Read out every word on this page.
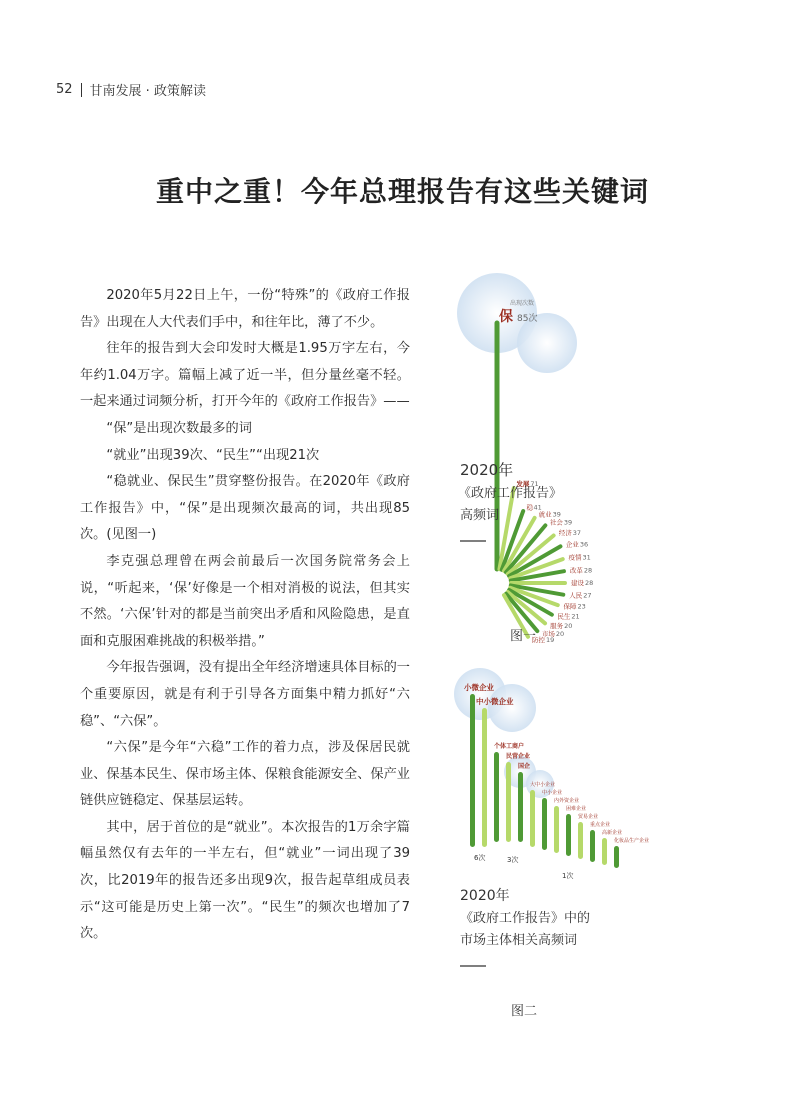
52 甘南发展 · 政策解读
重中之重！今年总理报告有这些关键词

2020年5月22日上午，一份“特殊”的《政府工作报告》出现在人大代表们手中，和往年比，薄了不少。

往年的报告到大会印发时大概是1.95万字左右，今年约1.04万字。篇幅上减了近一半，但分量丝毫不轻。一起来通过词频分析，打开今年的《政府工作报告》——

“保”是出现次数最多的词

“就业”出现39次、“民生”“出现21次

“稳就业、保民生”贯穿整份报告。在2020年《政府工作报告》中，“保”是出现频次最高的词，共出现85次。(见图一)

李克强总理曾在两会前最后一次国务院常务会上说，“听起来，‘保’好像是一个相对消极的说法，但其实不然。‘六保’针对的都是当前突出矛盾和风险隐患，是直面和克服困难挑战的积极举措。”

今年报告强调，没有提出全年经济增速具体目标的一个重要原因，就是有利于引导各方面集中精力抓好“六稳”、“六保”。

“六保”是今年“六稳”工作的着力点，涉及保居民就业、保基本民生、保市场主体、保粮食能源安全、保产业链供应链稳定、保基层运转。

其中，居于首位的是“就业”。本次报告的1万余字篇幅虽然仅有去年的一半左右，但“就业”一词出现了39次，比2019年的报告还多出现9次，报告起草组成员表示“这可能是历史上第一次”。“民生”的频次也增加了7次。

保 85次
发展 71
稳 41
就业 39
社会 39
经济 37
企业 36
疫情 31
改革 28
建设 28
人民 27
保障 23
民生 21
服务 20
市场 20
防控 19
出现次数
2020年
《政府工作报告》
高频词
图一
小微企业
中小微企业
个体工商户
民营企业
国企
大中小企业
中小企业
内外资企业
困难企业
贸易企业
重点企业
高新企业
化妆品生产企业
6次	3次
1次
2020年
《政府工作报告》中的
市场主体相关高频词
图二
